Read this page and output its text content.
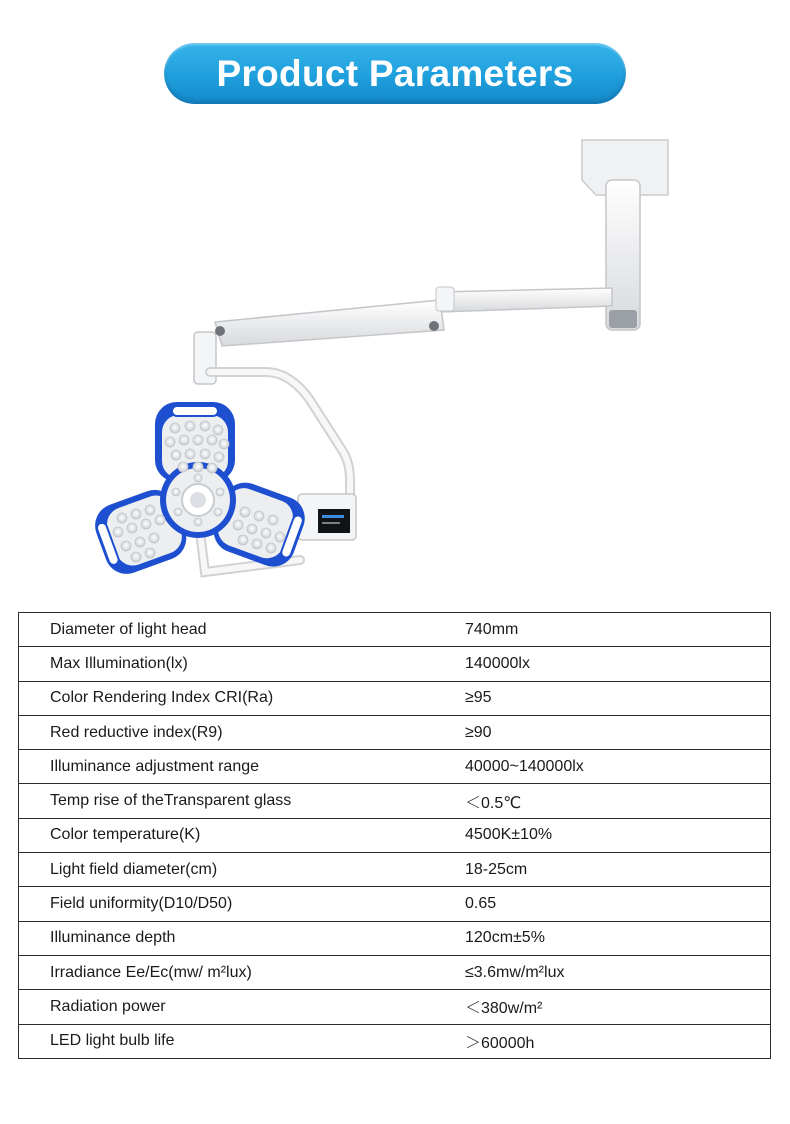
Product Parameters
Diameter of light head	740mm
Max Illumination(lx)	140000lx
Color Rendering Index CRI(Ra)	≥95
Red reductive index(R9)	≥90
Illuminance adjustment range	40000~140000lx
Temp rise of theTransparent glass	＜0.5℃
Color temperature(K)	4500K±10%
Light field diameter(cm)	18-25cm
Field uniformity(D10/D50)	0.65
Illuminance depth	120cm±5%
Irradiance Ee/Ec(mw/ m²lux)	≤3.6mw/m²lux
Radiation power	＜380w/m²
LED light bulb life	＞60000h
